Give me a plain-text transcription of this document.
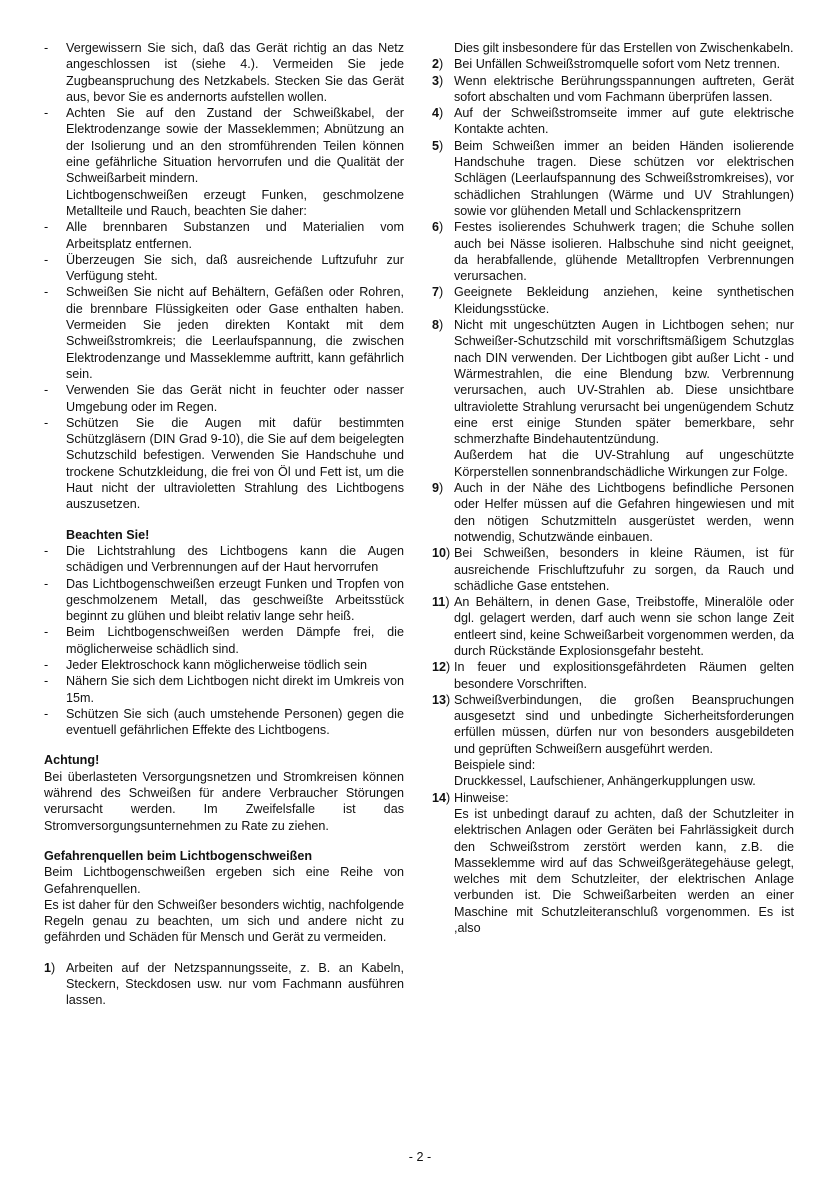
- Vergewissern Sie sich, daß das Gerät richtig an das Netz angeschlossen ist (siehe 4.). Vermeiden Sie jede Zugbeanspruchung des Netzkabels. Stecken Sie das Gerät aus, bevor Sie es andernorts aufstellen wollen.
- Achten Sie auf den Zustand der Schweißkabel, der Elektrodenzange sowie der Masseklemmen; Abnützung an der Isolierung und an den stromführenden Teilen können eine gefährliche Situation hervorrufen und die Qualität der Schweißarbeit mindern.

Lichtbogenschweißen erzeugt Funken, geschmolzene Metallteile und Rauch, beachten Sie daher:

- Alle brennbaren Substanzen und Materialien vom Arbeitsplatz entfernen.
- Überzeugen Sie sich, daß ausreichende Luftzufuhr zur Verfügung steht.
- Schweißen Sie nicht auf Behältern, Gefäßen oder Rohren, die brennbare Flüssigkeiten oder Gase enthalten haben. Vermeiden Sie jeden direkten Kontakt mit dem Schweißstromkreis; die Leerlaufspannung, die zwischen Elektrodenzange und Masseklemme auftritt, kann gefährlich sein.
- Verwenden Sie das Gerät nicht in feuchter oder nasser Umgebung oder im Regen.
- Schützen Sie die Augen mit dafür bestimmten Schützgläsern (DIN Grad 9-10), die Sie auf dem beigelegten Schutzschild befestigen. Verwenden Sie Handschuhe und trockene Schutzkleidung, die frei von Öl und Fett ist, um die Haut nicht der ultravioletten Strahlung des Lichtbogens auszusetzen.

Beachten Sie!

- Die Lichtstrahlung des Lichtbogens kann die Augen schädigen und Verbrennungen auf der Haut hervorrufen
- Das Lichtbogenschweißen erzeugt Funken und Tropfen von geschmolzenem Metall, das geschweißte Arbeitsstück beginnt zu glühen und bleibt relativ lange sehr heiß.
- Beim Lichtbogenschweißen werden Dämpfe frei, die möglicherweise schädlich sind.
- Jeder Elektroschock kann möglicherweise tödlich sein
- Nähern Sie sich dem Lichtbogen nicht direkt im Umkreis von 15m.
- Schützen Sie sich (auch umstehende Personen) gegen die eventuell gefährlichen Effekte des Lichtbogens.

Achtung!

Bei überlasteten Versorgungsnetzen und Stromkreisen können während des Schweißen für andere Verbraucher Störungen verursacht werden. Im Zweifelsfalle ist das Stromversorgungsunternehmen zu Rate zu ziehen.

Gefahrenquellen beim Lichtbogenschweißen

Beim Lichtbogenschweißen ergeben sich eine Reihe von Gefahrenquellen.

Es ist daher für den Schweißer besonders wichtig, nachfolgende Regeln genau zu beachten, um sich und andere nicht zu gefährden und Schäden für Mensch und Gerät zu vermeiden.

1) Arbeiten auf der Netzspannungsseite, z. B. an Kabeln, Steckern, Steckdosen usw. nur vom Fachmann ausführen lassen.

Dies gilt insbesondere für das Erstellen von Zwischenkabeln.

2) Bei Unfällen Schweißstromquelle sofort vom Netz trennen.
3) Wenn elektrische Berührungsspannungen auftreten, Gerät sofort abschalten und vom Fachmann überprüfen lassen.
4) Auf der Schweißstromseite immer auf gute elektrische Kontakte achten.
5) Beim Schweißen immer an beiden Händen isolierende Handschuhe tragen. Diese schützen vor elektrischen Schlägen (Leerlaufspannung des Schweißstromkreises), vor schädlichen Strahlungen (Wärme und UV Strahlungen) sowie vor glühenden Metall und Schlackenspritzern
6) Festes isolierendes Schuhwerk tragen; die Schuhe sollen auch bei Nässe isolieren. Halbschuhe sind nicht geeignet, da herabfallende, glühende Metalltropfen Verbrennungen verursachen.
7) Geeignete Bekleidung anziehen, keine synthetischen Kleidungsstücke.
8) Nicht mit ungeschützten Augen in Lichtbogen sehen; nur Schweißer-Schutzschild mit vorschriftsmäßigem Schutzglas nach DIN verwenden. Der Lichtbogen gibt außer Licht - und Wärmestrahlen, die eine Blendung bzw. Verbrennung verursachen, auch UV-Strahlen ab. Diese unsichtbare ultraviolette Strahlung verursacht bei ungenügendem Schutz eine erst einige Stunden später bemerkbare, sehr schmerzhafte Bindehautentzündung.
Außerdem hat die UV-Strahlung auf ungeschützte Körperstellen sonnenbrandschädliche Wirkungen zur Folge.
9) Auch in der Nähe des Lichtbogens befindliche Personen oder Helfer müssen auf die Gefahren hingewiesen und mit den nötigen Schutzmitteln ausgerüstet werden, wenn notwendig, Schutzwände einbauen.
10) Bei Schweißen, besonders in kleine Räumen, ist für ausreichende Frischluftzufuhr zu sorgen, da Rauch und schädliche Gase entstehen.
11) An Behältern, in denen Gase, Treibstoffe, Mineralöle oder dgl. gelagert werden, darf auch wenn sie schon lange Zeit entleert sind, keine Schweißarbeit vorgenommen werden, da durch Rückstände Explosionsgefahr besteht.
12) In feuer und explositionsgefährdeten Räumen gelten besondere Vorschriften.
13) Schweißverbindungen, die großen Beanspruchungen ausgesetzt sind und unbedingte Sicherheitsforderungen erfüllen müssen, dürfen nur von besonders ausgebildeten und geprüften Schweißern ausgeführt werden.
Beispiele sind:
Druckkessel, Laufschiener, Anhängerkupplungen usw.
14) Hinweise:
Es ist unbedingt darauf zu achten, daß der Schutzleiter in elektrischen Anlagen oder Geräten bei Fahrlässigkeit durch den Schweißstrom zerstört werden kann, z.B. die Masseklemme wird auf das Schweißgerätegehäuse gelegt, welches mit dem Schutzleiter, der elektrischen Anlage verbunden ist. Die Schweißarbeiten werden an einer Maschine mit Schutzleiteranschluß vorgenommen. Es ist ,also
- 2 -
